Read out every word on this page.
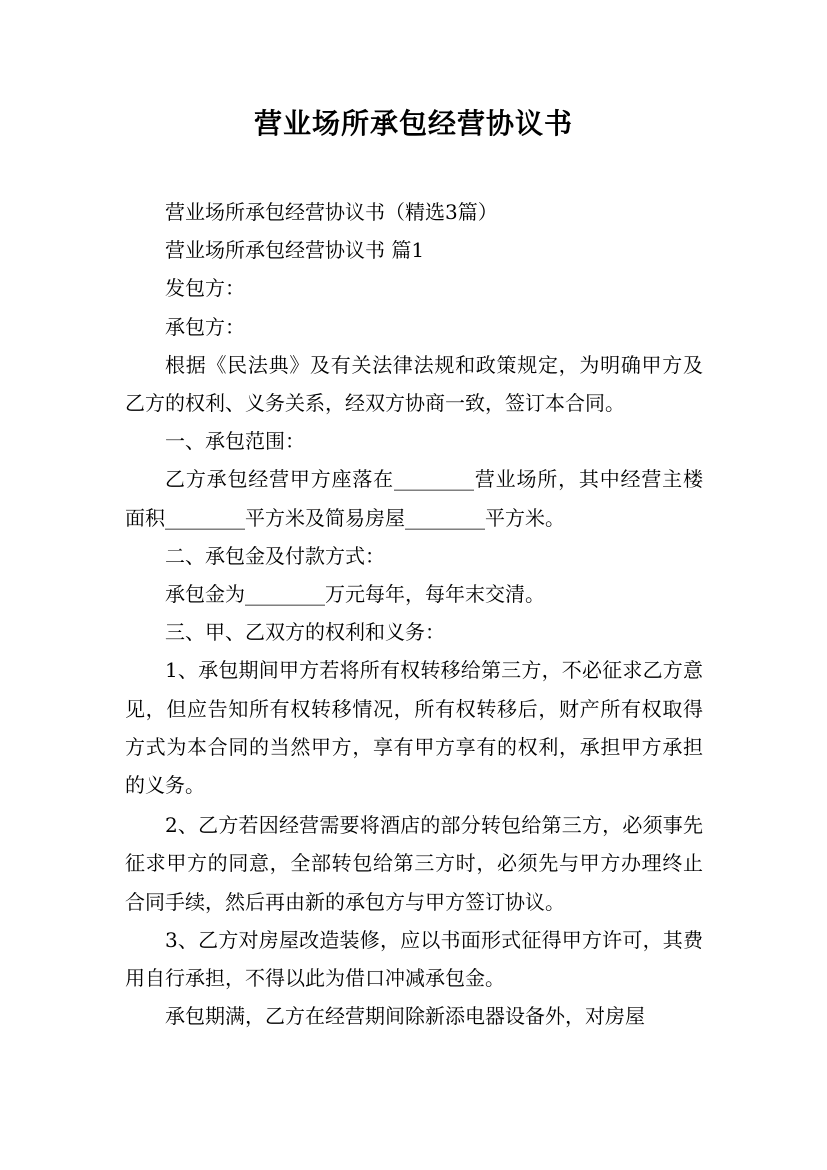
营业场所承包经营协议书

营业场所承包经营协议书（精选3篇）

营业场所承包经营协议书 篇1

发包方：

承包方：

根据《民法典》及有关法律法规和政策规定，为明确甲方及乙方的权利、义务关系，经双方协商一致，签订本合同。

一、承包范围：

乙方承包经营甲方座落在________营业场所，其中经营主楼面积________平方米及简易房屋________平方米。

二、承包金及付款方式：

承包金为________万元每年，每年末交清。

三、甲、乙双方的权利和义务：

1、承包期间甲方若将所有权转移给第三方，不必征求乙方意见，但应告知所有权转移情况，所有权转移后，财产所有权取得方式为本合同的当然甲方，享有甲方享有的权利，承担甲方承担的义务。

2、乙方若因经营需要将酒店的部分转包给第三方，必须事先征求甲方的同意，全部转包给第三方时，必须先与甲方办理终止合同手续，然后再由新的承包方与甲方签订协议。

3、乙方对房屋改造装修，应以书面形式征得甲方许可，其费用自行承担，不得以此为借口冲减承包金。

承包期满，乙方在经营期间除新添电器设备外，对房屋
